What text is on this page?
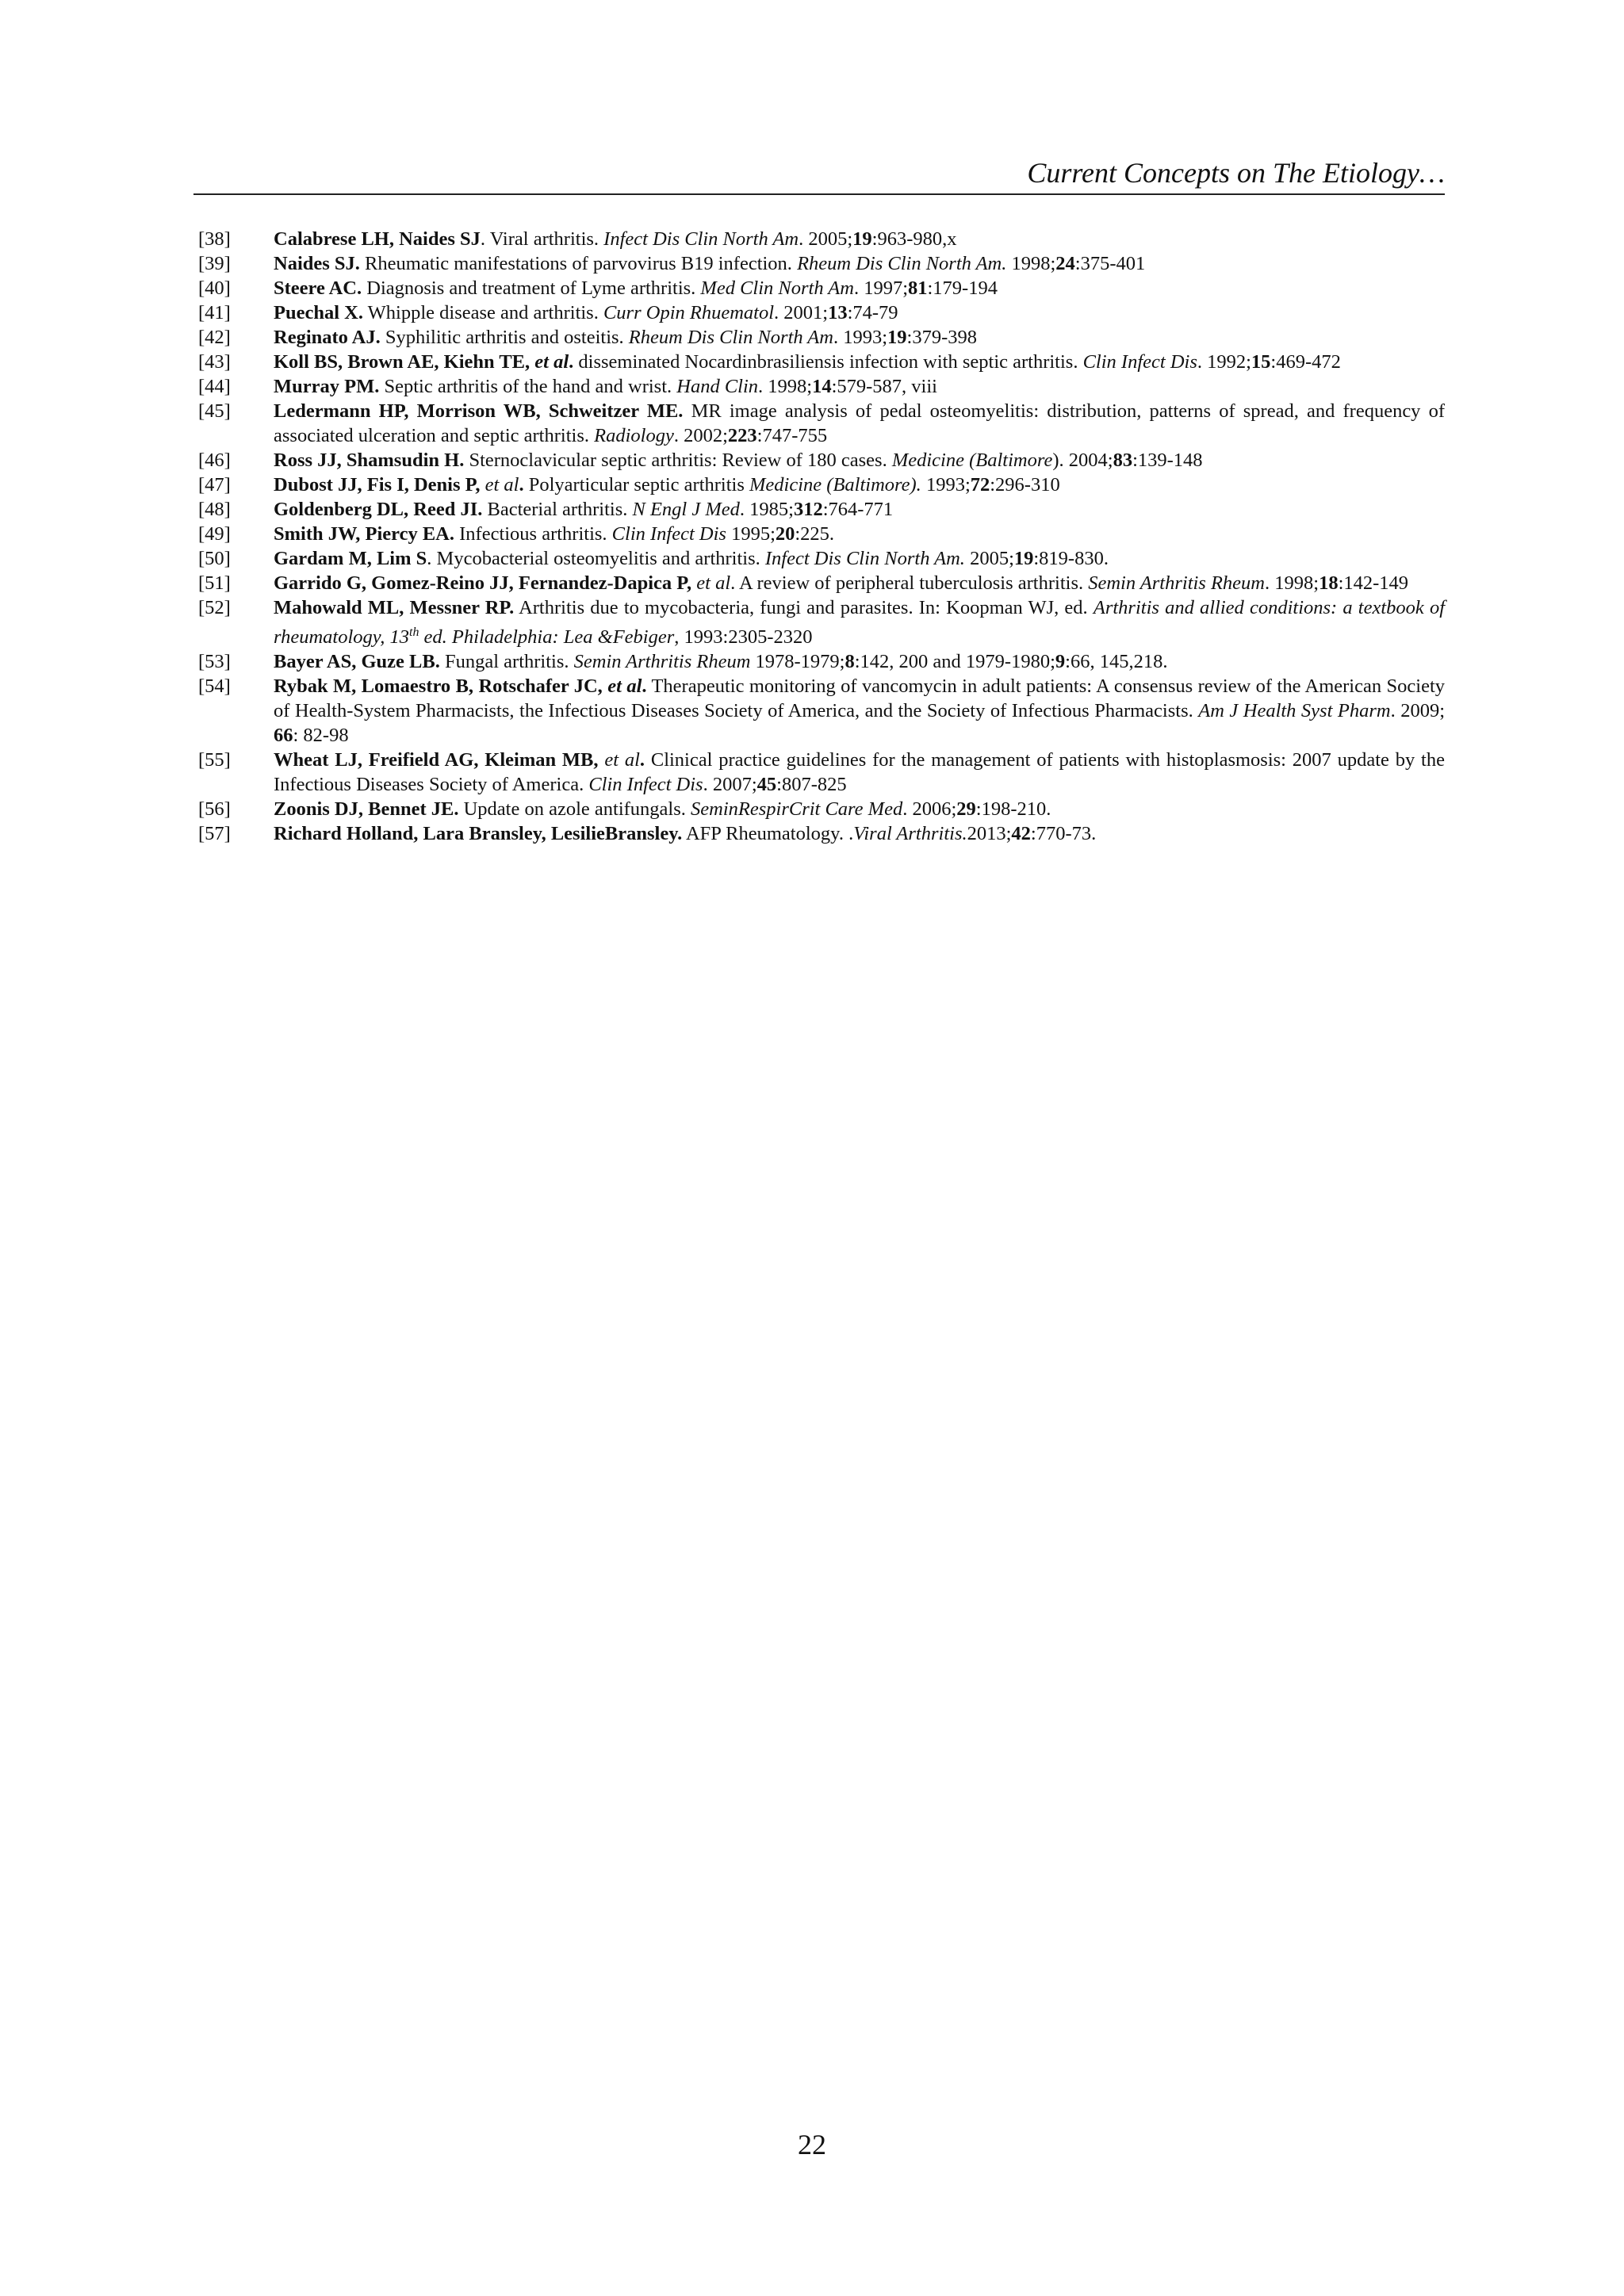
Current Concepts on The Etiology…
[38]	Calabrese LH, Naides SJ. Viral arthritis. Infect Dis Clin North Am. 2005;19:963-980,x
[39]	Naides SJ. Rheumatic manifestations of parvovirus B19 infection. Rheum Dis Clin North Am. 1998;24:375-401
[40]	Steere AC. Diagnosis and treatment of Lyme arthritis. Med Clin North Am. 1997;81:179-194
[41]	Puechal X. Whipple disease and arthritis. Curr Opin Rhuematol. 2001;13:74-79
[42]	Reginato AJ. Syphilitic arthritis and osteitis. Rheum Dis Clin North Am. 1993;19:379-398
[43]	Koll BS, Brown AE, Kiehn TE, et al. disseminated Nocardinbrasiliensis infection with septic arthritis. Clin Infect Dis. 1992;15:469-472
[44]	Murray PM. Septic arthritis of the hand and wrist. Hand Clin. 1998;14:579-587, viii
[45]	Ledermann HP, Morrison WB, Schweitzer ME. MR image analysis of pedal osteomyelitis: distribution, patterns of spread, and frequency of associated ulceration and septic arthritis. Radiology. 2002;223:747-755
[46]	Ross JJ, Shamsudin H. Sternoclavicular septic arthritis: Review of 180 cases. Medicine (Baltimore). 2004;83:139-148
[47]	Dubost JJ, Fis I, Denis P, et al. Polyarticular septic arthritis Medicine (Baltimore). 1993;72:296-310
[48]	Goldenberg DL, Reed JI. Bacterial arthritis. N Engl J Med. 1985;312:764-771
[49]	Smith JW, Piercy EA. Infectious arthritis. Clin Infect Dis 1995;20:225.
[50]	Gardam M, Lim S. Mycobacterial osteomyelitis and arthritis. Infect Dis Clin North Am. 2005;19:819-830.
[51]	Garrido G, Gomez-Reino JJ, Fernandez-Dapica P, et al. A review of peripheral tuberculosis arthritis. Semin Arthritis Rheum. 1998;18:142-149
[52]	Mahowald ML, Messner RP. Arthritis due to mycobacteria, fungi and parasites. In: Koopman WJ, ed. Arthritis and allied conditions: a textbook of rheumatology, 13th ed. Philadelphia: Lea &Febiger, 1993:2305-2320
[53]	Bayer AS, Guze LB. Fungal arthritis. Semin Arthritis Rheum 1978-1979;8:142, 200 and 1979-1980;9:66, 145,218.
[54]	Rybak M, Lomaestro B, Rotschafer JC, et al. Therapeutic monitoring of vancomycin in adult patients: A consensus review of the American Society of Health-System Pharmacists, the Infectious Diseases Society of America, and the Society of Infectious Pharmacists. Am J Health Syst Pharm. 2009; 66: 82-98
[55]	Wheat LJ, Freifield AG, Kleiman MB, et al. Clinical practice guidelines for the management of patients with histoplasmosis: 2007 update by the Infectious Diseases Society of America. Clin Infect Dis. 2007;45:807-825
[56]	Zoonis DJ, Bennet JE. Update on azole antifungals. SeminRespirCrit Care Med. 2006;29:198-210.
[57]	Richard Holland, Lara Bransley, LesilieBransley. AFP Rheumatology. .Viral Arthritis.2013;42:770-73.
22
